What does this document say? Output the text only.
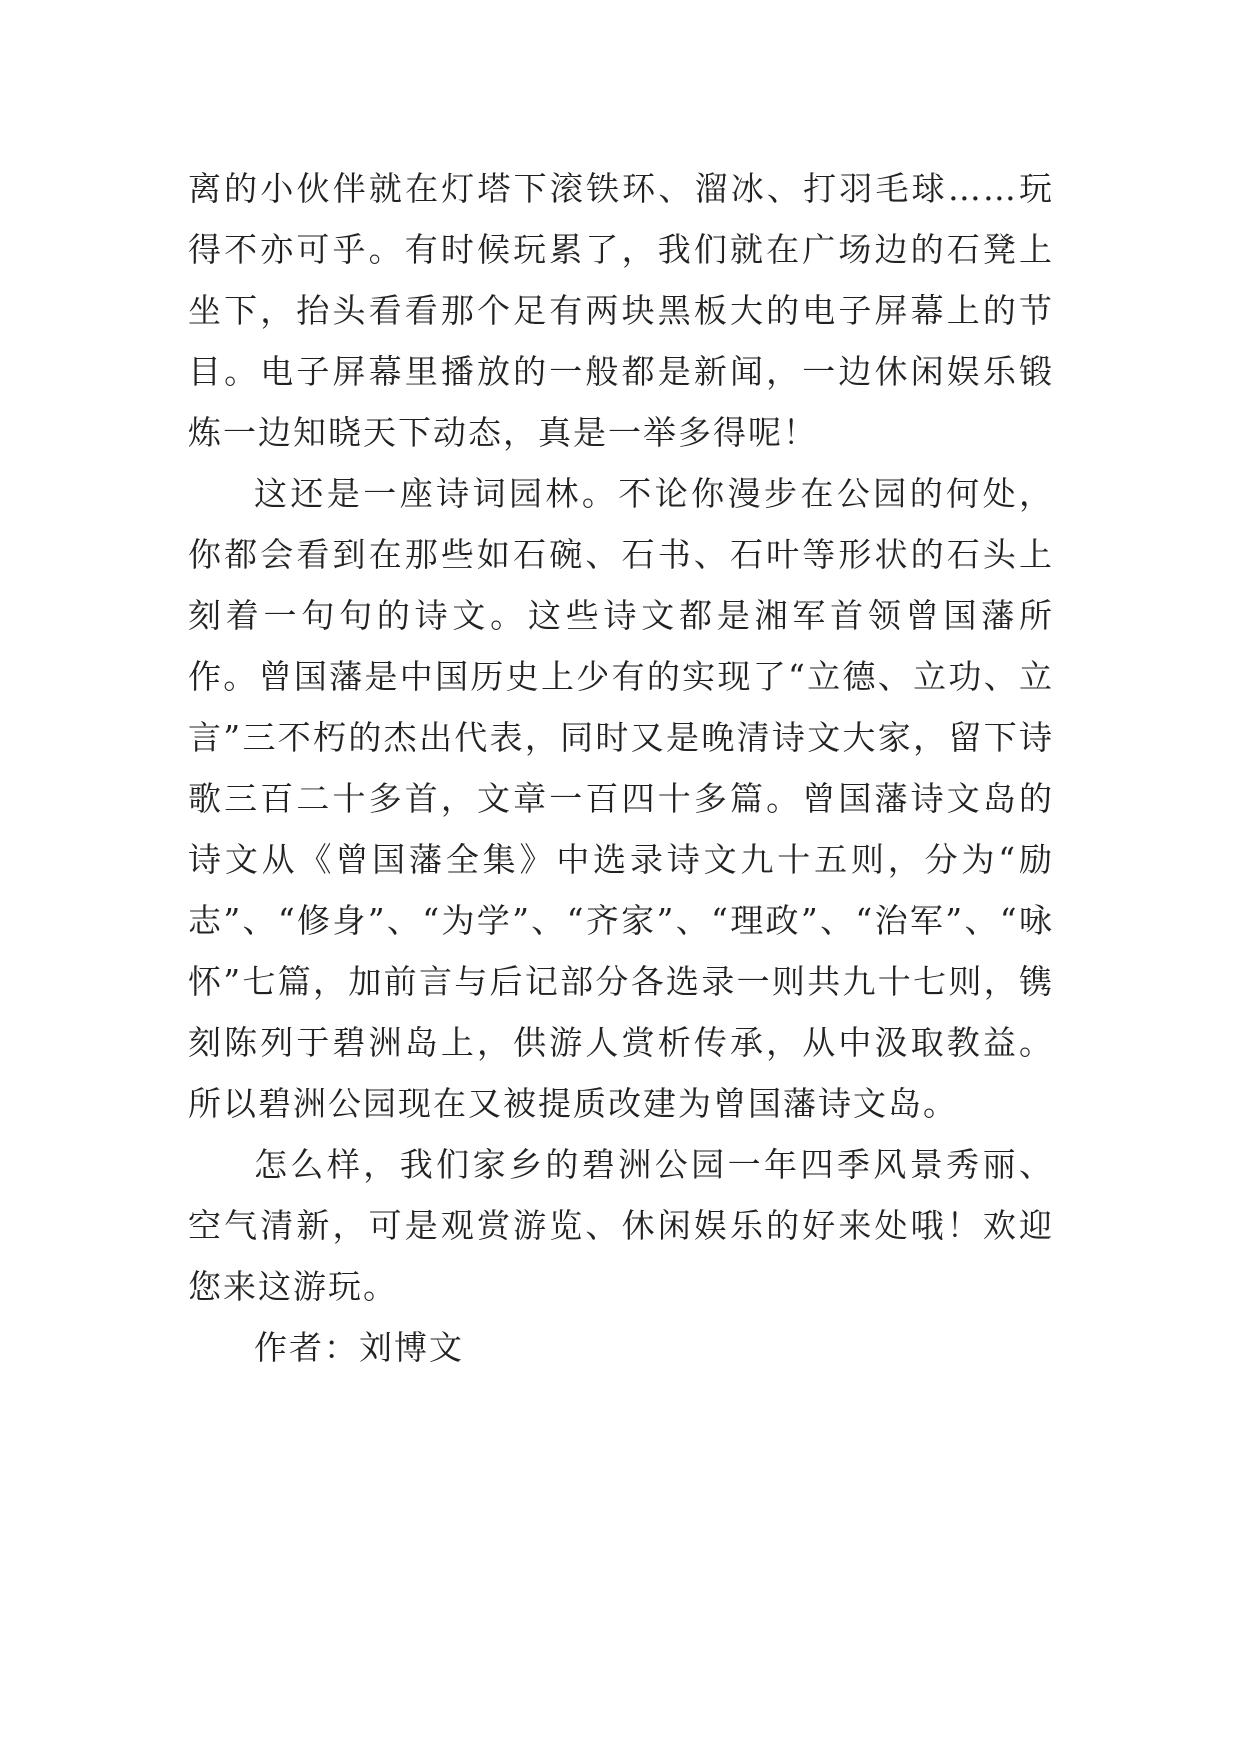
离的小伙伴就在灯塔下滚铁环、溜冰、打羽毛球……玩得不亦可乎。有时候玩累了，我们就在广场边的石凳上坐下，抬头看看那个足有两块黑板大的电子屏幕上的节目。电子屏幕里播放的一般都是新闻，一边休闲娱乐锻炼一边知晓天下动态，真是一举多得呢！

这还是一座诗词园林。不论你漫步在公园的何处，你都会看到在那些如石碗、石书、石叶等形状的石头上刻着一句句的诗文。这些诗文都是湘军首领曾国藩所作。曾国藩是中国历史上少有的实现了“立德、立功、立言”三不朽的杰出代表，同时又是晚清诗文大家，留下诗歌三百二十多首，文章一百四十多篇。曾国藩诗文岛的诗文从《曾国藩全集》中选录诗文九十五则，分为“励志”、“修身”、“为学”、“齐家”、“理政”、“治军”、“咏怀”七篇，加前言与后记部分各选录一则共九十七则，镌刻陈列于碧洲岛上，供游人赏析传承，从中汲取教益。所以碧洲公园现在又被提质改建为曾国藩诗文岛。

怎么样，我们家乡的碧洲公园一年四季风景秀丽、空气清新，可是观赏游览、休闲娱乐的好来处哦！欢迎您来这游玩。

作者：刘博文
